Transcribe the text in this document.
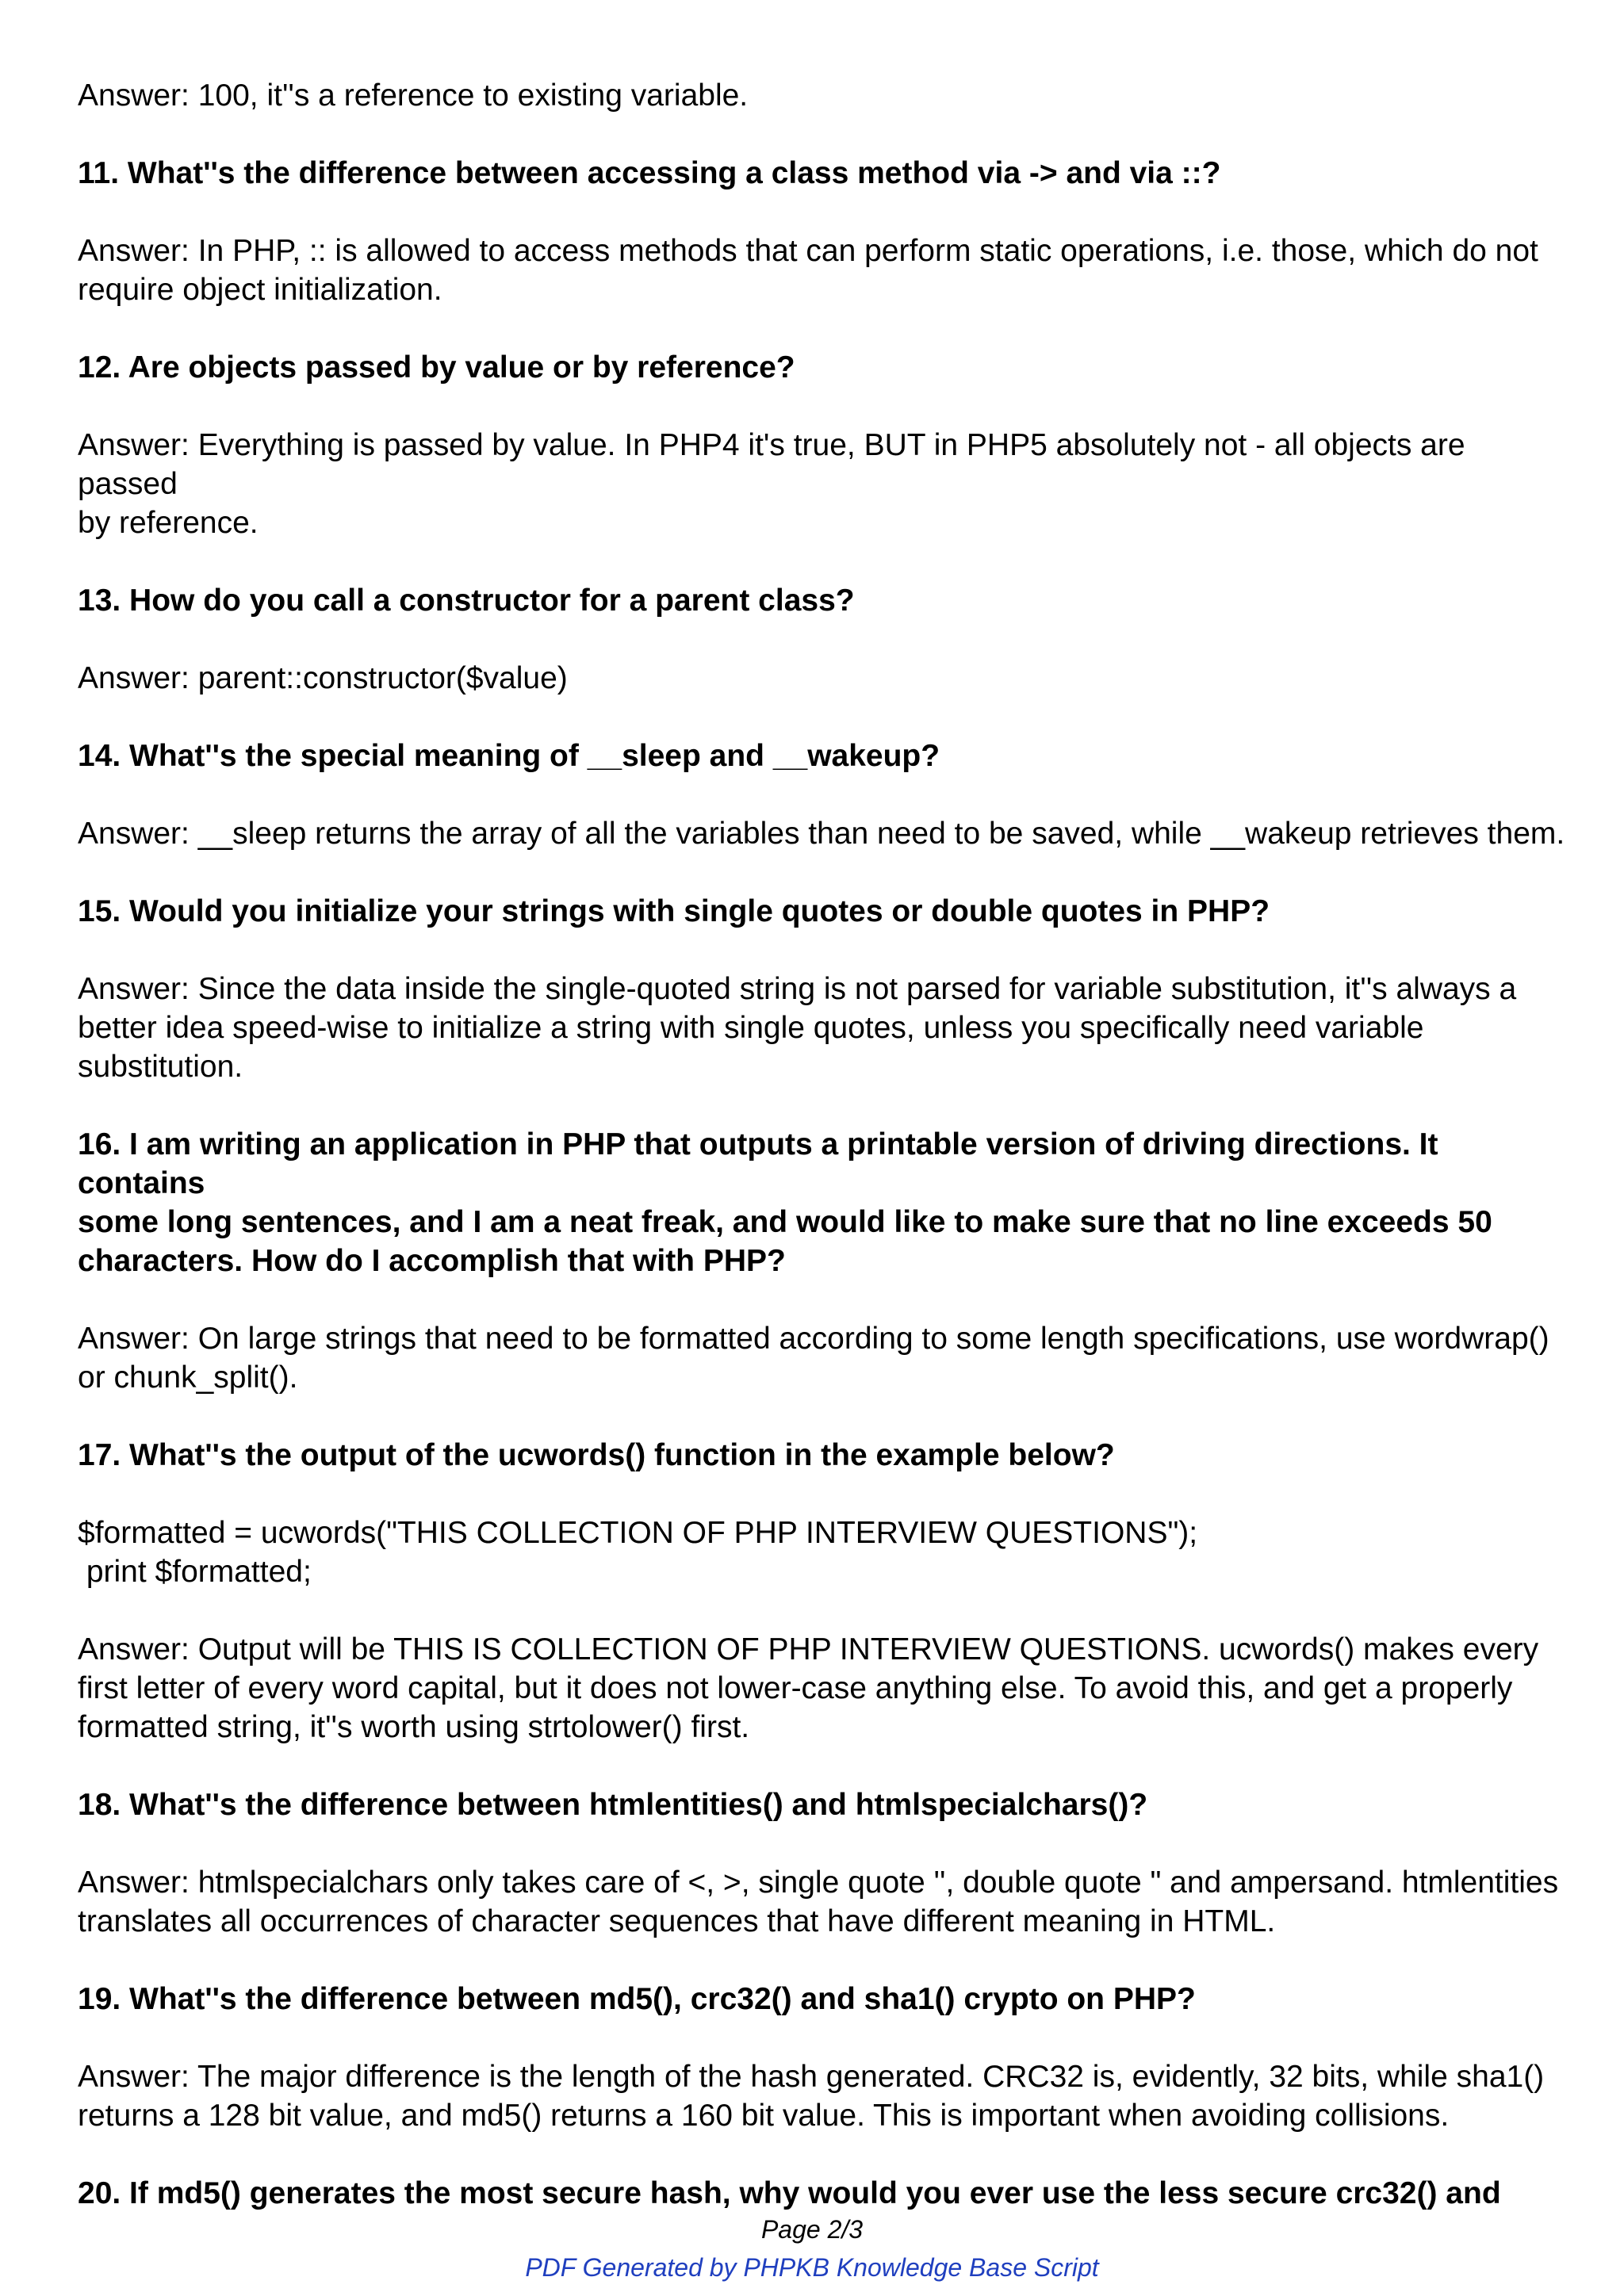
Answer: 100, it''s a reference to existing variable.

11. What''s the difference between accessing a class method via -> and via ::?

Answer: In PHP, :: is allowed to access methods that can perform static operations, i.e. those, which do not
require object initialization.

12. Are objects passed by value or by reference?

Answer: Everything is passed by value. In PHP4 it's true, BUT in PHP5 absolutely not - all objects are passed
by reference.

13. How do you call a constructor for a parent class?

Answer: parent::constructor($value)

14. What''s the special meaning of __sleep and __wakeup?

Answer: __sleep returns the array of all the variables than need to be saved, while __wakeup retrieves them.

15. Would you initialize your strings with single quotes or double quotes in PHP?

Answer: Since the data inside the single-quoted string is not parsed for variable substitution, it''s always a
better idea speed-wise to initialize a string with single quotes, unless you specifically need variable
substitution.

16. I am writing an application in PHP that outputs a printable version of driving directions. It contains
some long sentences, and I am a neat freak, and would like to make sure that no line exceeds 50
characters. How do I accomplish that with PHP?

Answer: On large strings that need to be formatted according to some length specifications, use wordwrap()
or chunk_split().

17. What''s the output of the ucwords() function in the example below?

$formatted = ucwords("THIS COLLECTION OF PHP INTERVIEW QUESTIONS");
print $formatted;

Answer: Output will be THIS IS COLLECTION OF PHP INTERVIEW QUESTIONS. ucwords() makes every
first letter of every word capital, but it does not lower-case anything else. To avoid this, and get a properly
formatted string, it''s worth using strtolower() first.

18. What''s the difference between htmlentities() and htmlspecialchars()?

Answer: htmlspecialchars only takes care of <, >, single quote '', double quote " and ampersand. htmlentities
translates all occurrences of character sequences that have different meaning in HTML.

19. What''s the difference between md5(), crc32() and sha1() crypto on PHP?

Answer: The major difference is the length of the hash generated. CRC32 is, evidently, 32 bits, while sha1()
returns a 128 bit value, and md5() returns a 160 bit value. This is important when avoiding collisions.

20. If md5() generates the most secure hash, why would you ever use the less secure crc32() and

Page 2/3
PDF Generated by PHPKB Knowledge Base Script
